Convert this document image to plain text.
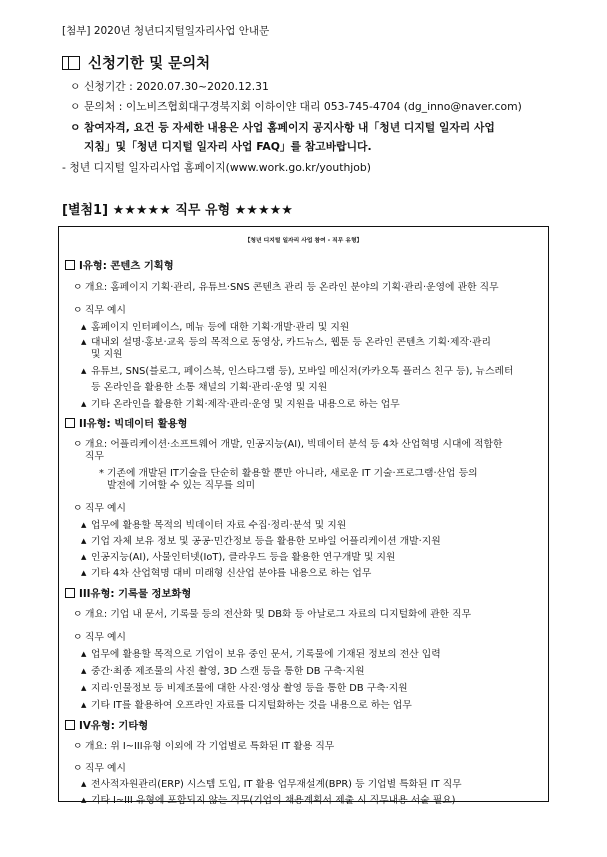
[첨부] 2020년 청년디지털일자리사업 안내문
신청기한 및 문의처
ㅇ 신청기간 : 2020.07.30~2020.12.31
ㅇ 문의처 : 이노비즈협회대구경북지회 이하이얀 대리 053-745-4704 (dg_inno@naver.com)
ㅇ 참여자격, 요건 등 자세한 내용은 사업 홈페이지 공지사항 내「청년 디지털 일자리 사업
지침」및「청년 디지털 일자리 사업 FAQ」를 참고바랍니다.
- 청년 디지털 일자리사업 홈페이지(www.work.go.kr/youthjob)
[별첨1] ★★★★★ 직무 유형 ★★★★★
【청년 디지털 일자리 사업 참여 - 직무 유형】
I유형: 콘텐츠 기획형
ㅇ 개요: 홈페이지 기획·관리, 유튜브·SNS 콘텐츠 관리 등 온라인 분야의 기획·관리·운영에 관한 직무
ㅇ 직무 예시
▲ 홈페이지 인터페이스, 메뉴 등에 대한 기획·개발·관리 및 지원
▲ 대내외 설명·홍보·교육 등의 목적으로 동영상, 카드뉴스, 웹툰 등 온라인 콘텐츠 기획·제작·관리
및 지원
▲ 유튜브, SNS(블로그, 페이스북, 인스타그램 등), 모바일 메신저(카카오톡 플러스 친구 등), 뉴스레터
등 온라인을 활용한 소통 채널의 기획·관리·운영 및 지원
▲ 기타 온라인을 활용한 기획·제작·관리·운영 및 지원을 내용으로 하는 업무
II유형: 빅데이터 활용형
ㅇ 개요: 어플리케이션·소프트웨어 개발, 인공지능(AI), 빅데이터 분석 등 4차 산업혁명 시대에 적합한
직무
* 기존에 개발된 IT기술을 단순히 활용할 뿐만 아니라, 새로운 IT 기술·프로그램·산업 등의
발전에 기여할 수 있는 직무를 의미
ㅇ 직무 예시
▲ 업무에 활용할 목적의 빅데이터 자료 수집·정리·분석 및 지원
▲ 기업 자체 보유 정보 및 공공·민간정보 등을 활용한 모바일 어플리케이션 개발·지원
▲ 인공지능(AI), 사물인터넷(IoT), 클라우드 등을 활용한 연구개발 및 지원
▲ 기타 4차 산업혁명 대비 미래형 신산업 분야를 내용으로 하는 업무
III유형: 기록물 정보화형
ㅇ 개요: 기업 내 문서, 기록물 등의 전산화 및 DB화 등 아날로그 자료의 디지털화에 관한 직무
ㅇ 직무 예시
▲ 업무에 활용할 목적으로 기업이 보유 중인 문서, 기록물에 기재된 정보의 전산 입력
▲ 중간·최종 제조물의 사진 촬영, 3D 스캔 등을 통한 DB 구축·지원
▲ 지리·인물정보 등 비제조물에 대한 사진·영상 촬영 등을 통한 DB 구축·지원
▲ 기타 IT를 활용하여 오프라인 자료를 디지털화하는 것을 내용으로 하는 업무
IV유형: 기타형
ㅇ 개요: 위 I~III유형 이외에 각 기업별로 특화된 IT 활용 직무
ㅇ 직무 예시
▲ 전사적자원관리(ERP) 시스템 도입, IT 활용 업무재설계(BPR) 등 기업별 특화된 IT 직무
▲ 기타 I~III 유형에 포함되지 않는 직무(기업의 채용계획서 제출 시 직무내용 서술 필요)
